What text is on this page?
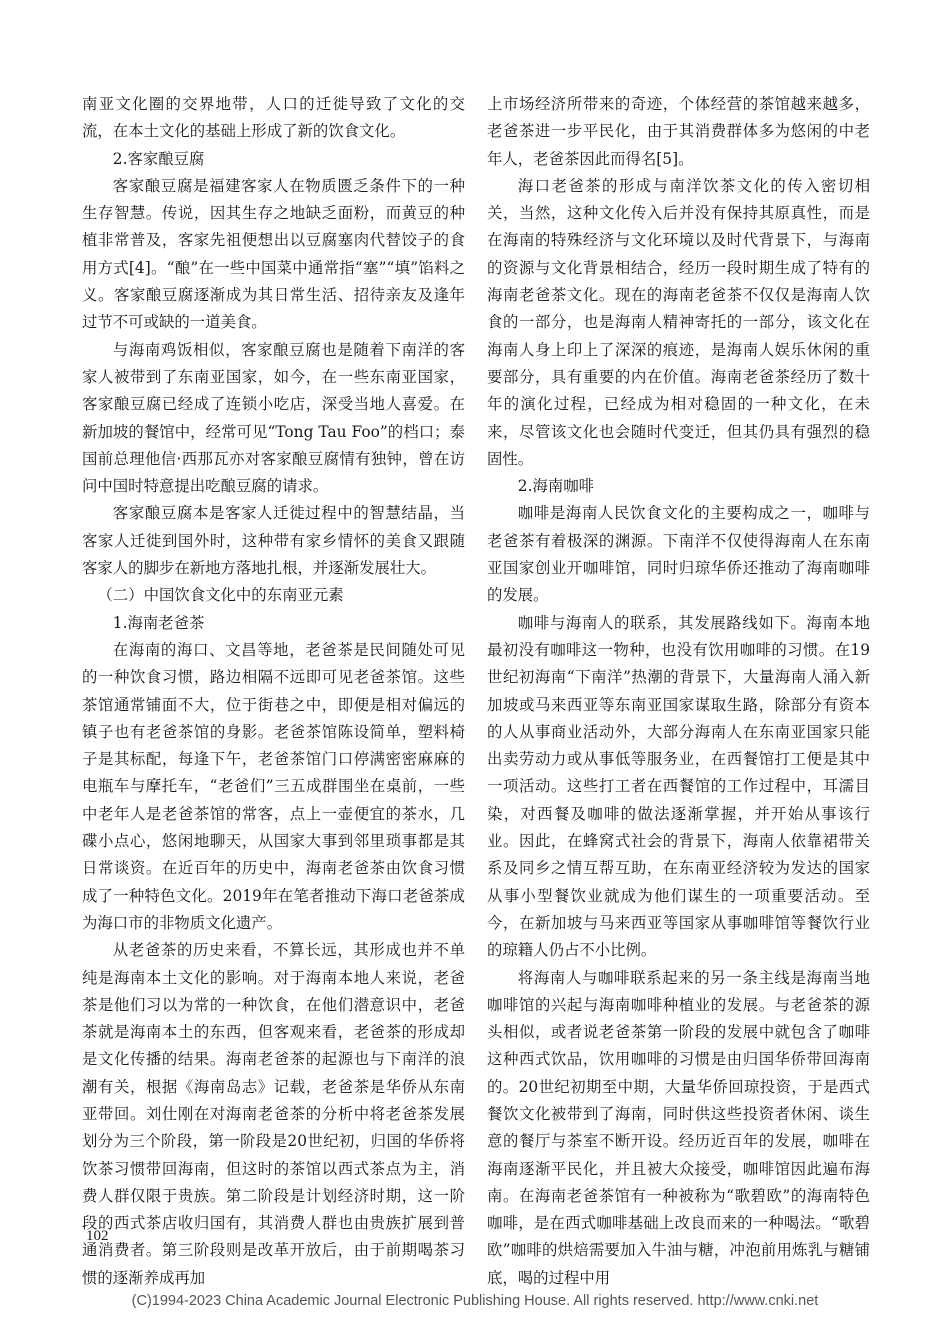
南亚文化圈的交界地带，人口的迁徙导致了文化的交流，在本土文化的基础上形成了新的饮食文化。

2.客家酿豆腐

客家酿豆腐是福建客家人在物质匮乏条件下的一种生存智慧。传说，因其生存之地缺乏面粉，而黄豆的种植非常普及，客家先祖便想出以豆腐塞肉代替饺子的食用方式[4]。“酿”在一些中国菜中通常指“塞”“填”馅料之义。客家酿豆腐逐渐成为其日常生活、招待亲友及逢年过节不可或缺的一道美食。

与海南鸡饭相似，客家酿豆腐也是随着下南洋的客家人被带到了东南亚国家，如今，在一些东南亚国家，客家酿豆腐已经成了连锁小吃店，深受当地人喜爱。在新加坡的餐馆中，经常可见“Tong Tau Foo”的档口；泰国前总理他信·西那瓦亦对客家酿豆腐情有独钟，曾在访问中国时特意提出吃酿豆腐的请求。

客家酿豆腐本是客家人迁徙过程中的智慧结晶，当客家人迁徙到国外时，这种带有家乡情怀的美食又跟随客家人的脚步在新地方落地扎根，并逐渐发展壮大。

（二）中国饮食文化中的东南亚元素

1.海南老爸茶

在海南的海口、文昌等地，老爸茶是民间随处可见的一种饮食习惯，路边相隔不远即可见老爸茶馆。这些茶馆通常铺面不大，位于街巷之中，即便是相对偏远的镇子也有老爸茶馆的身影。老爸茶馆陈设简单，塑料椅子是其标配，每逢下午，老爸茶馆门口停满密密麻麻的电瓶车与摩托车，“老爸们”三五成群围坐在桌前，一些中老年人是老爸茶馆的常客，点上一壶便宜的茶水，几碟小点心，悠闲地聊天，从国家大事到邻里琐事都是其日常谈资。在近百年的历史中，海南老爸茶由饮食习惯成了一种特色文化。2019年在笔者推动下海口老爸茶成为海口市的非物质文化遗产。

从老爸茶的历史来看，不算长远，其形成也并不单纯是海南本土文化的影响。对于海南本地人来说，老爸茶是他们习以为常的一种饮食，在他们潜意识中，老爸茶就是海南本土的东西，但客观来看，老爸茶的形成却是文化传播的结果。海南老爸茶的起源也与下南洋的浪潮有关，根据《海南岛志》记载，老爸茶是华侨从东南亚带回。刘仕刚在对海南老爸茶的分析中将老爸茶发展划分为三个阶段，第一阶段是20世纪初，归国的华侨将饮茶习惯带回海南，但这时的茶馆以西式茶点为主，消费人群仅限于贵族。第二阶段是计划经济时期，这一阶段的西式茶店收归国有，其消费人群也由贵族扩展到普通消费者。第三阶段则是改革开放后，由于前期喝茶习惯的逐渐养成再加

上市场经济所带来的奇迹，个体经营的茶馆越来越多，老爸茶进一步平民化，由于其消费群体多为悠闲的中老年人，老爸茶因此而得名[5]。

海口老爸茶的形成与南洋饮茶文化的传入密切相关，当然，这种文化传入后并没有保持其原真性，而是在海南的特殊经济与文化环境以及时代背景下，与海南的资源与文化背景相结合，经历一段时期生成了特有的海南老爸茶文化。现在的海南老爸茶不仅仅是海南人饮食的一部分，也是海南人精神寄托的一部分，该文化在海南人身上印上了深深的痕迹，是海南人娱乐休闲的重要部分，具有重要的内在价值。海南老爸茶经历了数十年的演化过程，已经成为相对稳固的一种文化，在未来，尽管该文化也会随时代变迁，但其仍具有强烈的稳固性。

2.海南咖啡

咖啡是海南人民饮食文化的主要构成之一，咖啡与老爸茶有着极深的渊源。下南洋不仅使得海南人在东南亚国家创业开咖啡馆，同时归琼华侨还推动了海南咖啡的发展。

咖啡与海南人的联系，其发展路线如下。海南本地最初没有咖啡这一物种，也没有饮用咖啡的习惯。在19世纪初海南“下南洋”热潮的背景下，大量海南人涌入新加坡或马来西亚等东南亚国家谋取生路，除部分有资本的人从事商业活动外，大部分海南人在东南亚国家只能出卖劳动力或从事低等服务业，在西餐馆打工便是其中一项活动。这些打工者在西餐馆的工作过程中，耳濡目染，对西餐及咖啡的做法逐渐掌握，并开始从事该行业。因此，在蜂窝式社会的背景下，海南人依靠裙带关系及同乡之情互帮互助，在东南亚经济较为发达的国家从事小型餐饮业就成为他们谋生的一项重要活动。至今，在新加坡与马来西亚等国家从事咖啡馆等餐饮行业的琼籍人仍占不小比例。

将海南人与咖啡联系起来的另一条主线是海南当地咖啡馆的兴起与海南咖啡种植业的发展。与老爸茶的源头相似，或者说老爸茶第一阶段的发展中就包含了咖啡这种西式饮品，饮用咖啡的习惯是由归国华侨带回海南的。20世纪初期至中期，大量华侨回琼投资，于是西式餐饮文化被带到了海南，同时供这些投资者休闲、谈生意的餐厅与茶室不断开设。经历近百年的发展，咖啡在海南逐渐平民化，并且被大众接受，咖啡馆因此遍布海南。在海南老爸茶馆有一种被称为“歌碧欧”的海南特色咖啡，是在西式咖啡基础上改良而来的一种喝法。“歌碧欧”咖啡的烘焙需要加入牛油与糖，冲泡前用炼乳与糖铺底，喝的过程中用

102
(C)1994-2023 China Academic Journal Electronic Publishing House. All rights reserved. http://www.cnki.net
